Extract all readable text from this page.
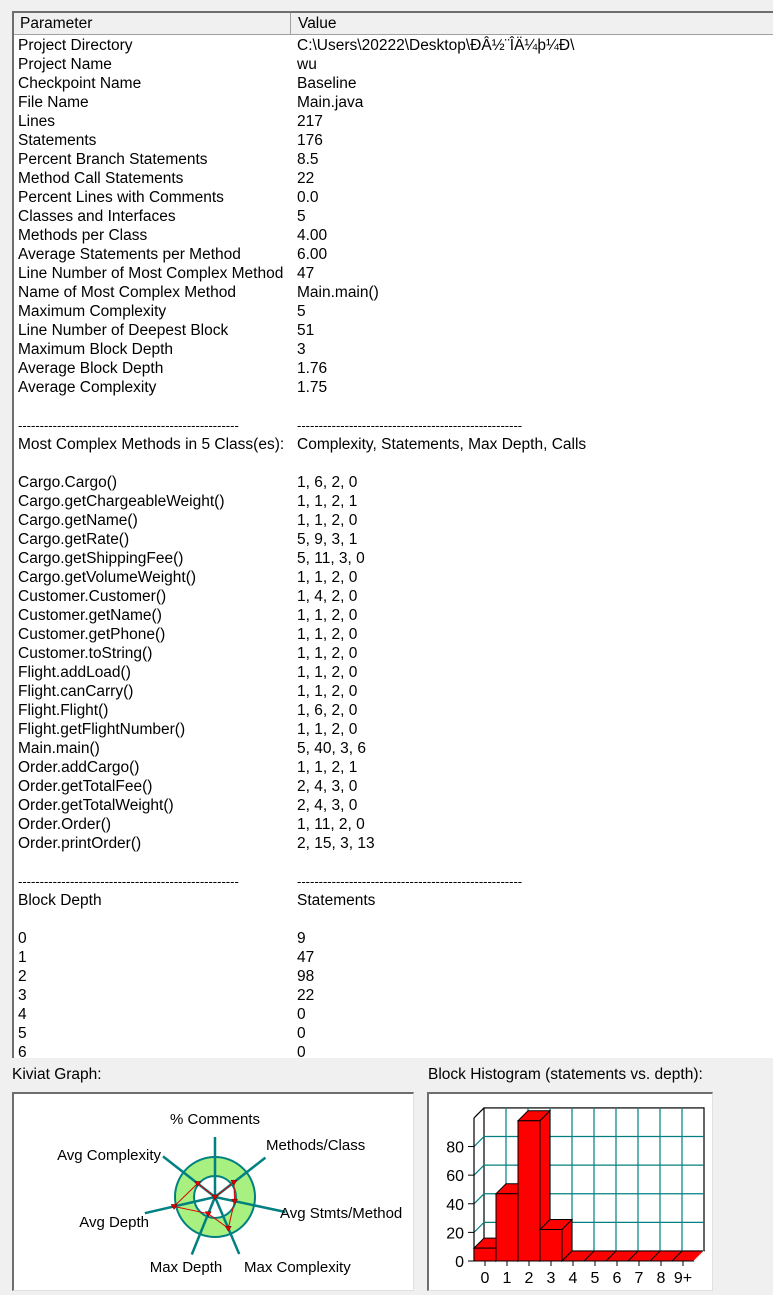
Parameter	Value
Project Directory	C:\Users\20222\Desktop\ÐÂ½¨ÎÄ¼þ¼Ð\
Project Name	wu
Checkpoint Name	Baseline
File Name	Main.java
Lines	217
Statements	176
Percent Branch Statements	8.5
Method Call Statements	22
Percent Lines with Comments	0.0
Classes and Interfaces	5
Methods per Class	4.00
Average Statements per Method	6.00
Line Number of Most Complex Method 47
Name of Most Complex Method	Main.main()
Maximum Complexity	5
Line Number of Deepest Block	51
Maximum Block Depth	3
Average Block Depth	1.76
Average Complexity	1.75
---------------------------------------------------	----------------------------------------------------
Most Complex Methods in 5 Class(es): Complexity, Statements, Max Depth, Calls
Cargo.Cargo()	1, 6, 2, 0
Cargo.getChargeableWeight()	1, 1, 2, 1
Cargo.getName()	1, 1, 2, 0
Cargo.getRate()	5, 9, 3, 1
Cargo.getShippingFee()	5, 11, 3, 0
Cargo.getVolumeWeight()	1, 1, 2, 0
Customer.Customer()	1, 4, 2, 0
Customer.getName()	1, 1, 2, 0
Customer.getPhone()	1, 1, 2, 0
Customer.toString()	1, 1, 2, 0
Flight.addLoad()	1, 1, 2, 0
Flight.canCarry()	1, 1, 2, 0
Flight.Flight()	1, 6, 2, 0
Flight.getFlightNumber()	1, 1, 2, 0
Main.main()	5, 40, 3, 6
Order.addCargo()	1, 1, 2, 1
Order.getTotalFee()	2, 4, 3, 0
Order.getTotalWeight()	2, 4, 3, 0
Order.Order()	1, 11, 2, 0
Order.printOrder()	2, 15, 3, 13
---------------------------------------------------	----------------------------------------------------
Block Depth	Statements
0	9
1	47
2	98
3	22
4	0
5	0
6	0
Kiviat Graph:
% Comments
Methods/Class
Avg Stmts/Method
Max Complexity
Max Depth
Avg Depth
Avg Complexity
Block Histogram (statements vs. depth):
0
20
40
60
80
0 1 2 3 4 5 6 7 8 9+
